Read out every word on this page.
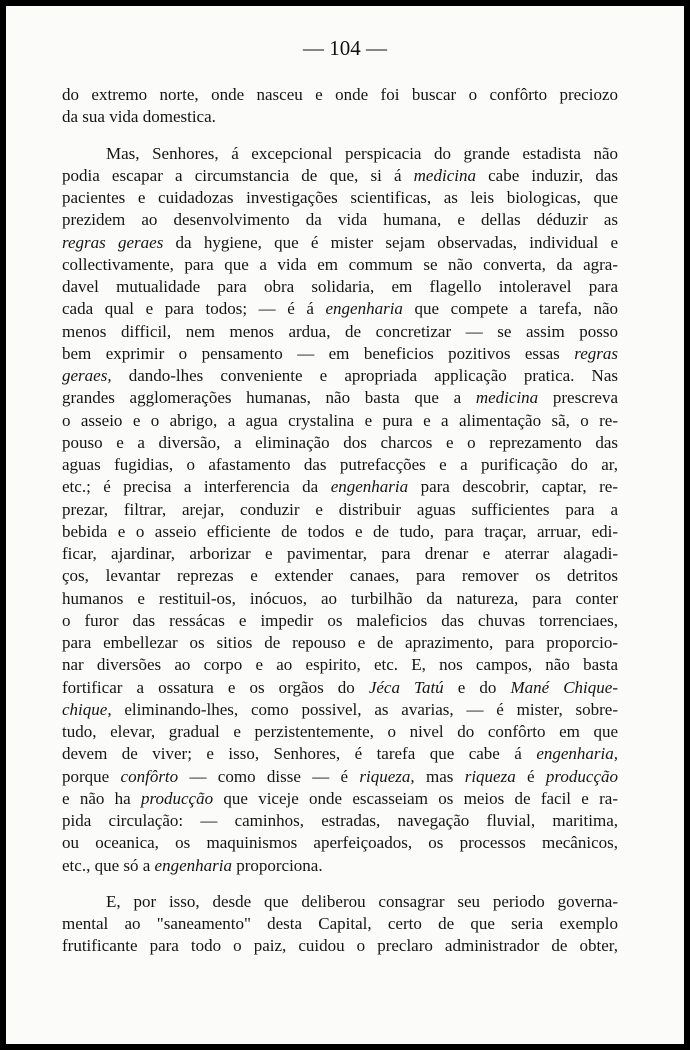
— 104 —
do extremo norte, onde nasceu e onde foi buscar o confôrto preciozo
da sua vida domestica.
Mas, Senhores, á excepcional perspicacia do grande estadista não
podia escapar a circumstancia de que, si á medicina cabe induzir, das
pacientes e cuidadozas investigações scientificas, as leis biologicas, que
prezidem ao desenvolvimento da vida humana, e dellas déduzir as
regras geraes da hygiene, que é mister sejam observadas, individual e
collectivamente, para que a vida em commum se não converta, da agra-
davel mutualidade para obra solidaria, em flagello intoleravel para
cada qual e para todos; — é á engenharia que compete a tarefa, não
menos difficil, nem menos ardua, de concretizar — se assim posso
bem exprimir o pensamento — em beneficios pozitivos essas regras
geraes, dando-lhes conveniente e apropriada applicação pratica. Nas
grandes agglomerações humanas, não basta que a medicina prescreva
o asseio e o abrigo, a agua crystalina e pura e a alimentação sã, o re-
pouso e a diversão, a eliminação dos charcos e o reprezamento das
aguas fugidias, o afastamento das putrefacções e a purificação do ar,
etc.; é precisa a interferencia da engenharia para descobrir, captar, re-
prezar, filtrar, arejar, conduzir e distribuir aguas sufficientes para a
bebida e o asseio efficiente de todos e de tudo, para traçar, arruar, edi-
ficar, ajardinar, arborizar e pavimentar, para drenar e aterrar alagadi-
ços, levantar reprezas e extender canaes, para remover os detritos
humanos e restituil-os, inócuos, ao turbilhão da natureza, para conter
o furor das ressácas e impedir os maleficios das chuvas torrenciaes,
para embellezar os sitios de repouso e de aprazimento, para proporcio-
nar diversões ao corpo e ao espirito, etc. E, nos campos, não basta
fortificar a ossatura e os orgãos do Jéca Tatú e do Mané Chique-
chique, eliminando-lhes, como possivel, as avarias, — é mister, sobre-
tudo, elevar, gradual e perzistentemente, o nivel do confôrto em que
devem de viver; e isso, Senhores, é tarefa que cabe á engenharia,
porque confôrto — como disse — é riqueza, mas riqueza é producção
e não ha producção que viceje onde escasseiam os meios de facil e ra-
pida circulação: — caminhos, estradas, navegação fluvial, maritima,
ou oceanica, os maquinismos aperfeiçoados, os processos mecânicos,
etc., que só a engenharia proporciona.
E, por isso, desde que deliberou consagrar seu periodo governa-
mental ao "saneamento" desta Capital, certo de que seria exemplo
frutificante para todo o paiz, cuidou o preclaro administrador de obter,
